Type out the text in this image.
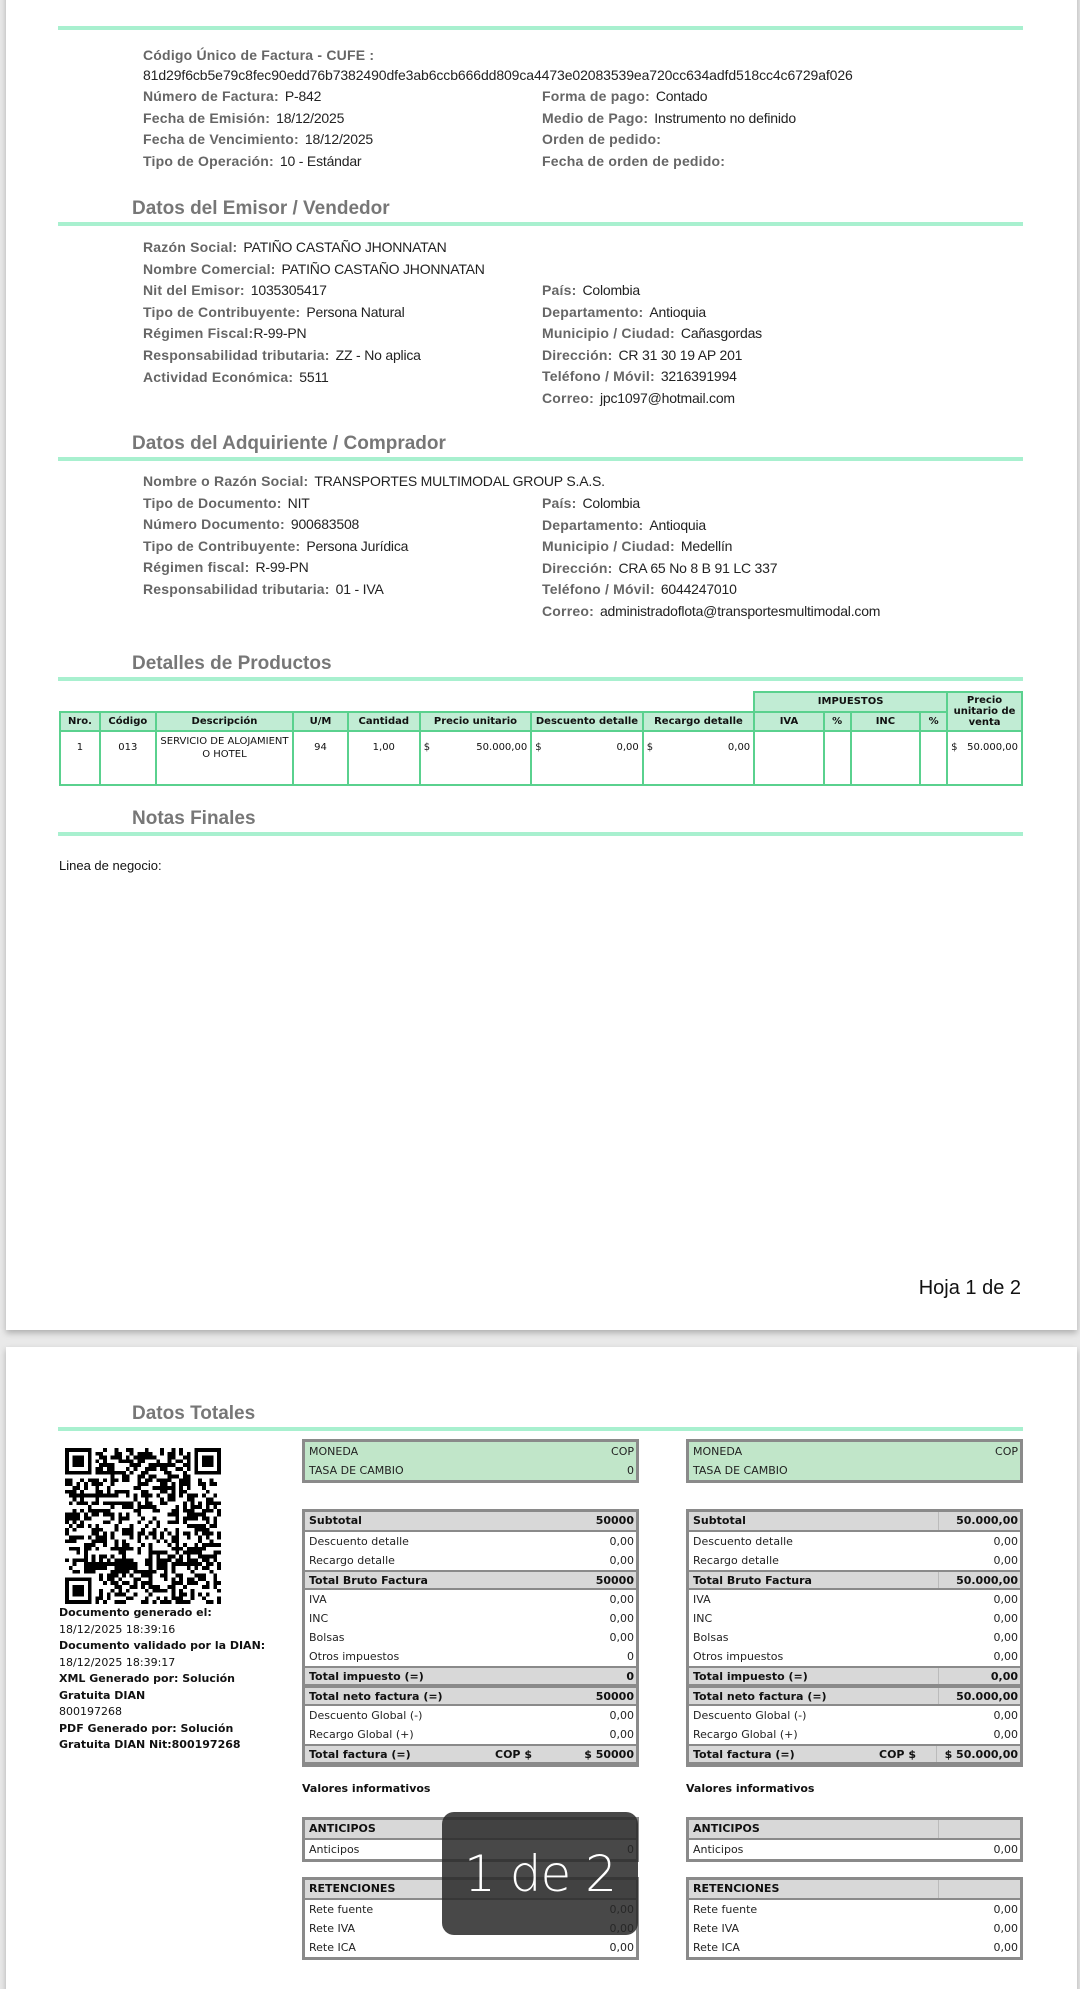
Código Único de Factura - CUFE :
81d29f6cb5e79c8fec90edd76b7382490dfe3ab6ccb666dd809ca4473e02083539ea720cc634adfd518cc4c6729af026
Número de Factura: P-842
Fecha de Emisión: 18/12/2025
Fecha de Vencimiento: 18/12/2025
Tipo de Operación: 10 - Estándar
Forma de pago: Contado
Medio de Pago: Instrumento no definido
Orden de pedido:
Fecha de orden de pedido:
Datos del Emisor / Vendedor
Razón Social: PATIÑO CASTAÑO JHONNATAN
Nombre Comercial: PATIÑO CASTAÑO JHONNATAN
Nit del Emisor: 1035305417
Tipo de Contribuyente: Persona Natural
Régimen Fiscal:R-99-PN
Responsabilidad tributaria: ZZ - No aplica
Actividad Económica: 5511
País: Colombia
Departamento: Antioquia
Municipio / Ciudad: Cañasgordas
Dirección: CR 31 30 19 AP 201
Teléfono / Móvil: 3216391994
Correo: jpc1097@hotmail.com
Datos del Adquiriente / Comprador
Nombre o Razón Social: TRANSPORTES MULTIMODAL GROUP S.A.S.
Tipo de Documento: NIT
Número Documento: 900683508
Tipo de Contribuyente: Persona Jurídica
Régimen fiscal: R-99-PN
Responsabilidad tributaria: 01 - IVA
País: Colombia
Departamento: Antioquia
Municipio / Ciudad: Medellín
Dirección: CRA 65 No 8 B 91 LC 337
Teléfono / Móvil: 6044247010
Correo: administradoflota@transportesmultimodal.com
Detalles de Productos
								IMPUESTOS				Precio unitario de venta
Nro.	Código	Descripción	U/M	Cantidad	Precio unitario	Descuento detalle	Recargo detalle	IVA	%	INC	%	
1	013	SERVICIO DE ALOJAMIENT O HOTEL	94	1,00	$ 50.000,00	$ 0,00	$ 0,00					$ 50.000,00
Notas Finales
Linea de negocio:
Hoja 1 de 2
Datos Totales
Documento generado el:
18/12/2025 18:39:16
Documento validado por la DIAN:
18/12/2025 18:39:17
XML Generado por: Solución Gratuita DIAN
800197268
PDF Generado por: Solución Gratuita DIAN Nit:800197268
MONEDA	COP
TASA DE CAMBIO	0
Subtotal	50000
Descuento detalle	0,00
Recargo detalle	0,00
Total Bruto Factura	50000
IVA	0,00
INC	0,00
Bolsas	0,00
Otros impuestos	0
Total impuesto (=)	0
Total neto factura (=)	50000
Descuento Global (-)	0,00
Recargo Global (+)	0,00
Total factura (=)	COP $	$ 50000
Valores informativos
ANTICIPOS
Anticipos
RETENCIONES
Rete fuente
Rete IVA
Rete ICA	0,00
MONEDA	COP
TASA DE CAMBIO
Subtotal	50.000,00
Descuento detalle	0,00
Recargo detalle	0,00
Total Bruto Factura	50.000,00
IVA	0,00
INC	0,00
Bolsas	0,00
Otros impuestos	0,00
Total impuesto (=)	0,00
Total neto factura (=)	50.000,00
Descuento Global (-)	0,00
Recargo Global (+)	0,00
Total factura (=)	COP $	$ 50.000,00
Valores informativos
ANTICIPOS
Anticipos	0,00
RETENCIONES
Rete fuente	0,00
Rete IVA	0,00
Rete ICA	0,00
1 de 2
